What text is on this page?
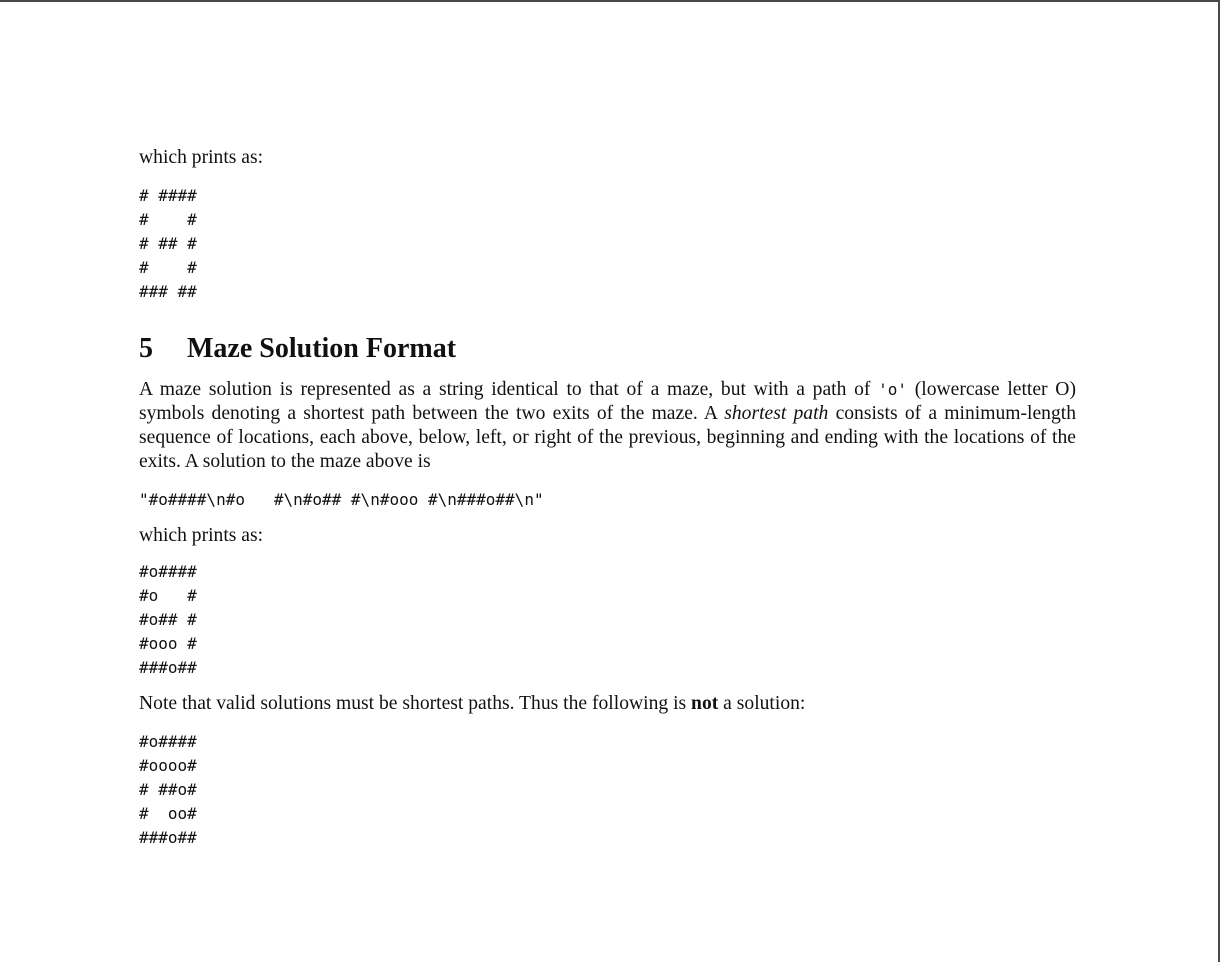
which prints as:

# ####
#    #
# ## #
#    #
### ##
5	Maze Solution Format

A maze solution is represented as a string identical to that of a maze, but with a path of 'o' (lowercase letter O) symbols denoting a shortest path between the two exits of the maze. A shortest path consists of a minimum-length sequence of locations, each above, below, left, or right of the previous, beginning and ending with the locations of the exits. A solution to the maze above is

"#o####\n#o   #\n#o## #\n#ooo #\n###o##\n"

which prints as:

#o####
#o   #
#o## #
#ooo #
###o##

Note that valid solutions must be shortest paths. Thus the following is not a solution:

#o####
#oooo#
# ##o#
#  oo#
###o##
